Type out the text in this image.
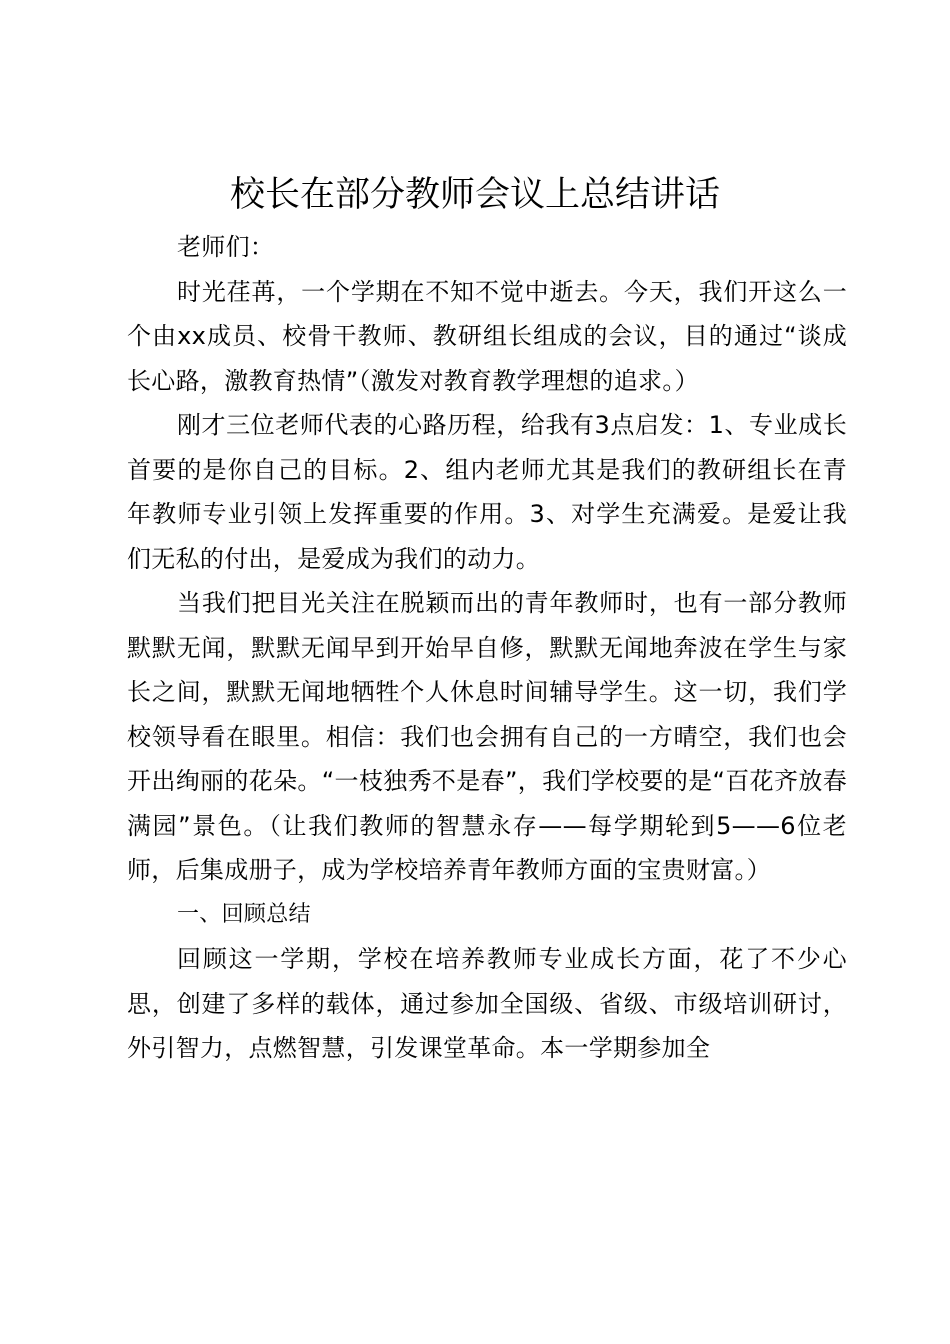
校长在部分教师会议上总结讲话

老师们：

时光荏苒，一个学期在不知不觉中逝去。今天，我们开这么一个由xx成员、校骨干教师、教研组长组成的会议，目的通过“谈成长心路，激教育热情”（激发对教育教学理想的追求。）

刚才三位老师代表的心路历程，给我有3点启发：1、专业成长首要的是你自己的目标。2、组内老师尤其是我们的教研组长在青年教师专业引领上发挥重要的作用。3、对学生充满爱。是爱让我们无私的付出，是爱成为我们的动力。

当我们把目光关注在脱颖而出的青年教师时，也有一部分教师默默无闻，默默无闻早到开始早自修，默默无闻地奔波在学生与家长之间，默默无闻地牺牲个人休息时间辅导学生。这一切，我们学校领导看在眼里。相信：我们也会拥有自己的一方晴空，我们也会开出绚丽的花朵。“一枝独秀不是春”，我们学校要的是“百花齐放春满园”景色。（让我们教师的智慧永存——每学期轮到5——6位老师，后集成册子，成为学校培养青年教师方面的宝贵财富。）

一、回顾总结

回顾这一学期，学校在培养教师专业成长方面，花了不少心思，创建了多样的载体，通过参加全国级、省级、市级培训研讨，外引智力，点燃智慧，引发课堂革命。本一学期参加全
